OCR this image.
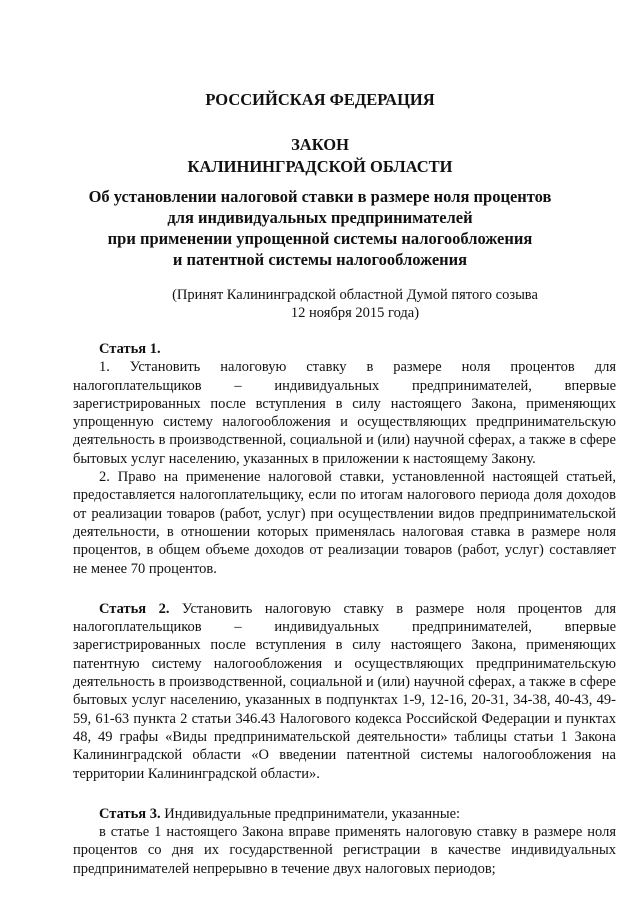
РОССИЙСКАЯ ФЕДЕРАЦИЯ
ЗАКОН
КАЛИНИНГРАДСКОЙ ОБЛАСТИ
Об установлении налоговой ставки в размере ноля процентов
для индивидуальных предпринимателей
при применении упрощенной системы налогообложения
и патентной системы налогообложения
(Принят Калининградской областной Думой пятого созыва
12 ноября 2015 года)

Статья 1.

1. Установить налоговую ставку в размере ноля процентов для налогоплательщиков – индивидуальных предпринимателей, впервые зарегистрированных после вступления в силу настоящего Закона, применяющих упрощенную систему налогообложения и осуществляющих предпринимательскую деятельность в производственной, социальной и (или) научной сферах, а также в сфере бытовых услуг населению, указанных в приложении к настоящему Закону.

2. Право на применение налоговой ставки, установленной настоящей статьей, предоставляется налогоплательщику, если по итогам налогового периода доля доходов от реализации товаров (работ, услуг) при осуществлении видов предпринимательской деятельности, в отношении которых применялась налоговая ставка в размере ноля процентов, в общем объеме доходов от реализации товаров (работ, услуг) составляет не менее 70 процентов.

Статья 2. Установить налоговую ставку в размере ноля процентов для налогоплательщиков – индивидуальных предпринимателей, впервые зарегистрированных после вступления в силу настоящего Закона, применяющих патентную систему налогообложения и осуществляющих предпринимательскую деятельность в производственной, социальной и (или) научной сферах, а также в сфере бытовых услуг населению, указанных в подпунктах 1-9, 12-16, 20-31, 34-38, 40-43, 49-59, 61-63 пункта 2 статьи 346.43 Налогового кодекса Российской Федерации и пунктах 48, 49 графы «Виды предпринимательской деятельности» таблицы статьи 1 Закона Калининградской области «О введении патентной системы налогообложения на территории Калининградской области».

Статья 3. Индивидуальные предприниматели, указанные:

в статье 1 настоящего Закона вправе применять налоговую ставку в размере ноля процентов со дня их государственной регистрации в качестве индивидуальных предпринимателей непрерывно в течение двух налоговых периодов;
